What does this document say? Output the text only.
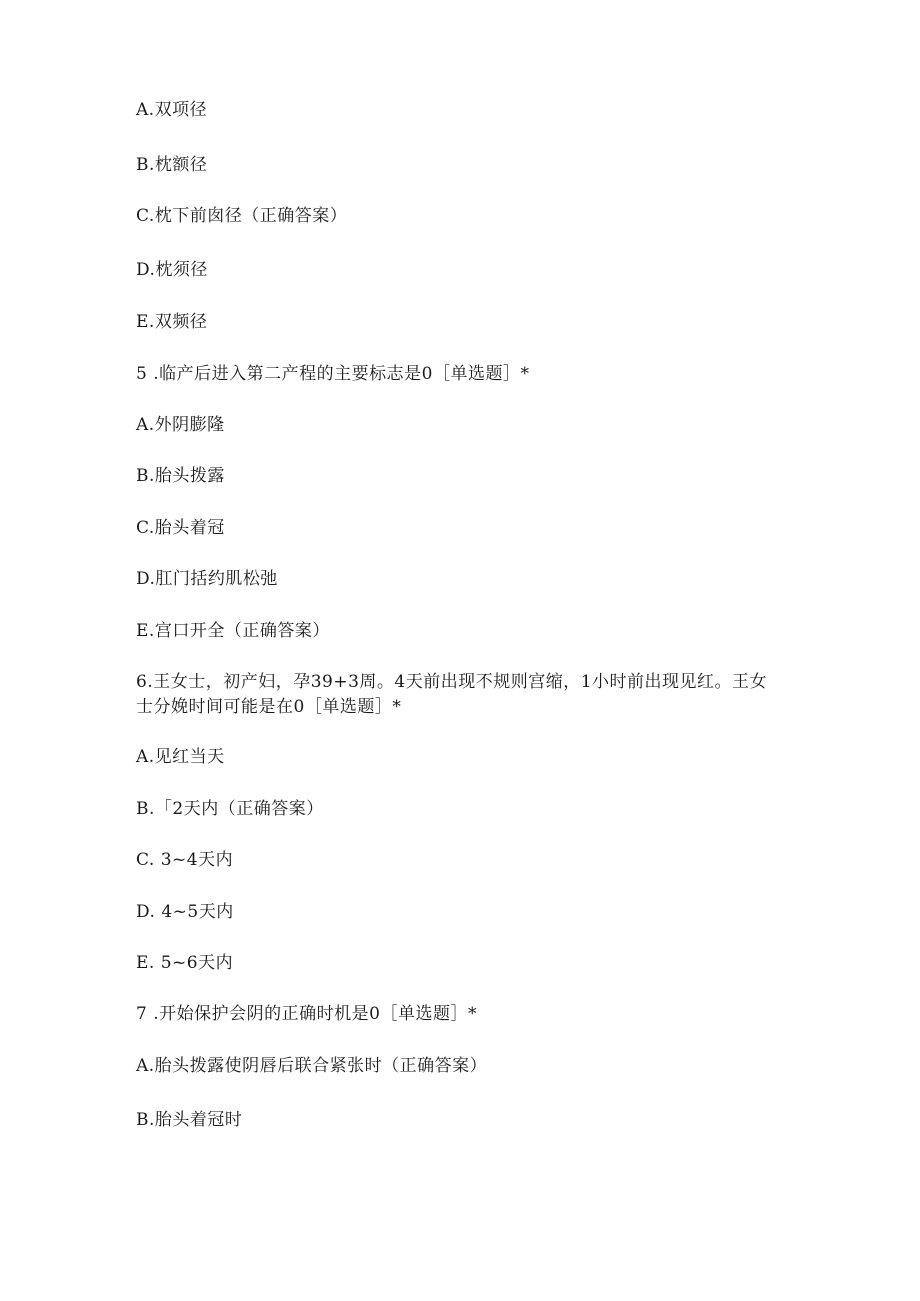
A.双项径
B.枕额径
C.枕下前囱径（正确答案）
D.枕须径
E.双频径
5 .临产后进入第二产程的主要标志是0［单选题］*
A.外阴膨隆
B.胎头拨露
C.胎头着冠
D.肛门括约肌松弛
E.宫口开全（正确答案）
6.王女士，初产妇，孕39+3周。4天前出现不规则宫缩，1小时前出现见红。王女
士分娩时间可能是在0［单选题］*
A.见红当天
B.「2天内（正确答案）
C. 3~4天内
D. 4~5天内
E. 5~6天内
7 .开始保护会阴的正确时机是0［单选题］*
A.胎头拨露使阴唇后联合紧张时（正确答案）
B.胎头着冠时
